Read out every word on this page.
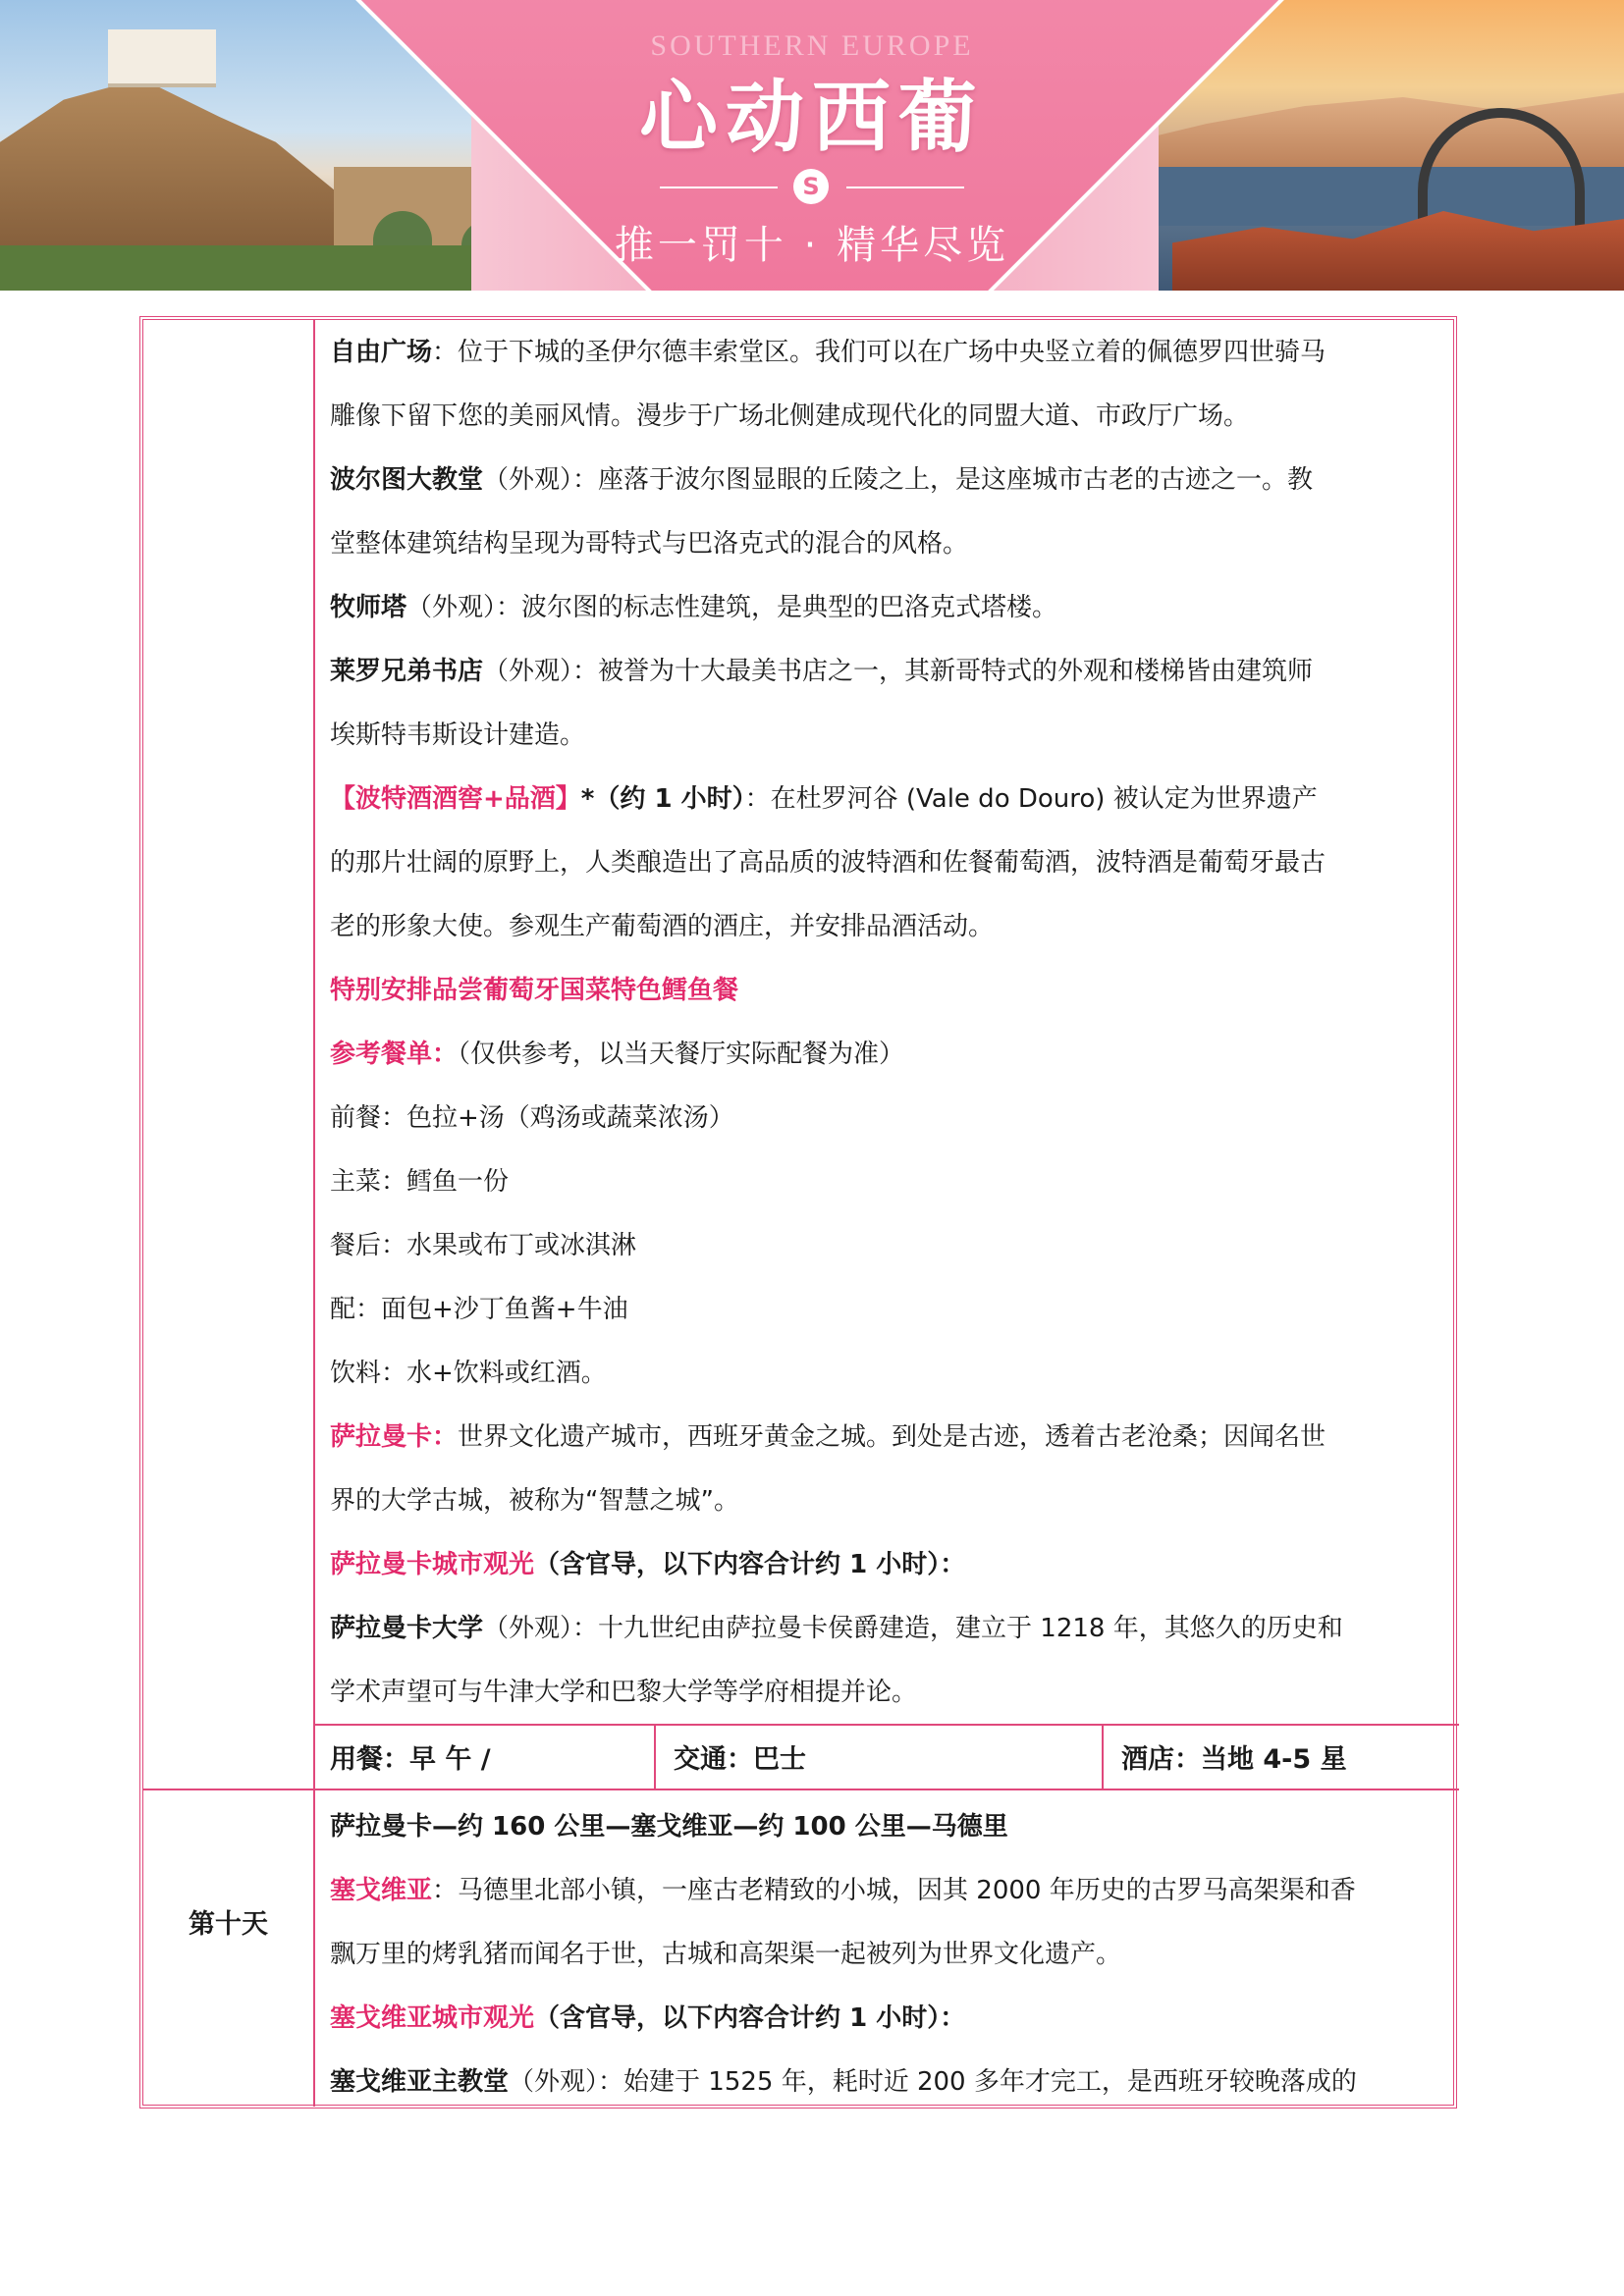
SOUTHERN EUROPE
心动西葡
S
推一罚十 · 精华尽览
自由广场：位于下城的圣伊尔德丰索堂区。我们可以在广场中央竖立着的佩德罗四世骑马
雕像下留下您的美丽风情。漫步于广场北侧建成现代化的同盟大道、市政厅广场。
波尔图大教堂（外观）：座落于波尔图显眼的丘陵之上，是这座城市古老的古迹之一。教
堂整体建筑结构呈现为哥特式与巴洛克式的混合的风格。
牧师塔（外观）：波尔图的标志性建筑，是典型的巴洛克式塔楼。
莱罗兄弟书店（外观）：被誉为十大最美书店之一，其新哥特式的外观和楼梯皆由建筑师
埃斯特韦斯设计建造。
【波特酒酒窖+品酒】*（约 1 小时）：在杜罗河谷 (Vale do Douro) 被认定为世界遗产
的那片壮阔的原野上，人类酿造出了高品质的波特酒和佐餐葡萄酒，波特酒是葡萄牙最古
老的形象大使。参观生产葡萄酒的酒庄，并安排品酒活动。
特别安排品尝葡萄牙国菜特色鳕鱼餐
参考餐单：（仅供参考，以当天餐厅实际配餐为准）
前餐：色拉+汤（鸡汤或蔬菜浓汤）
主菜：鳕鱼一份
餐后：水果或布丁或冰淇淋
配：面包+沙丁鱼酱+牛油
饮料：水+饮料或红酒。
萨拉曼卡：世界文化遗产城市，西班牙黄金之城。到处是古迹，透着古老沧桑；因闻名世
界的大学古城，被称为“智慧之城”。
萨拉曼卡城市观光（含官导，以下内容合计约 1 小时）：
萨拉曼卡大学（外观）：十九世纪由萨拉曼卡侯爵建造，建立于 1218 年，其悠久的历史和
学术声望可与牛津大学和巴黎大学等学府相提并论。
用餐：早 午 /	交通：巴士	酒店：当地 4-5 星
第十天
萨拉曼卡—约 160 公里—塞戈维亚—约 100 公里—马德里
塞戈维亚：马德里北部小镇，一座古老精致的小城，因其 2000 年历史的古罗马高架渠和香
飘万里的烤乳猪而闻名于世，古城和高架渠一起被列为世界文化遗产。
塞戈维亚城市观光（含官导，以下内容合计约 1 小时）：
塞戈维亚主教堂（外观）：始建于 1525 年，耗时近 200 多年才完工，是西班牙较晚落成的
